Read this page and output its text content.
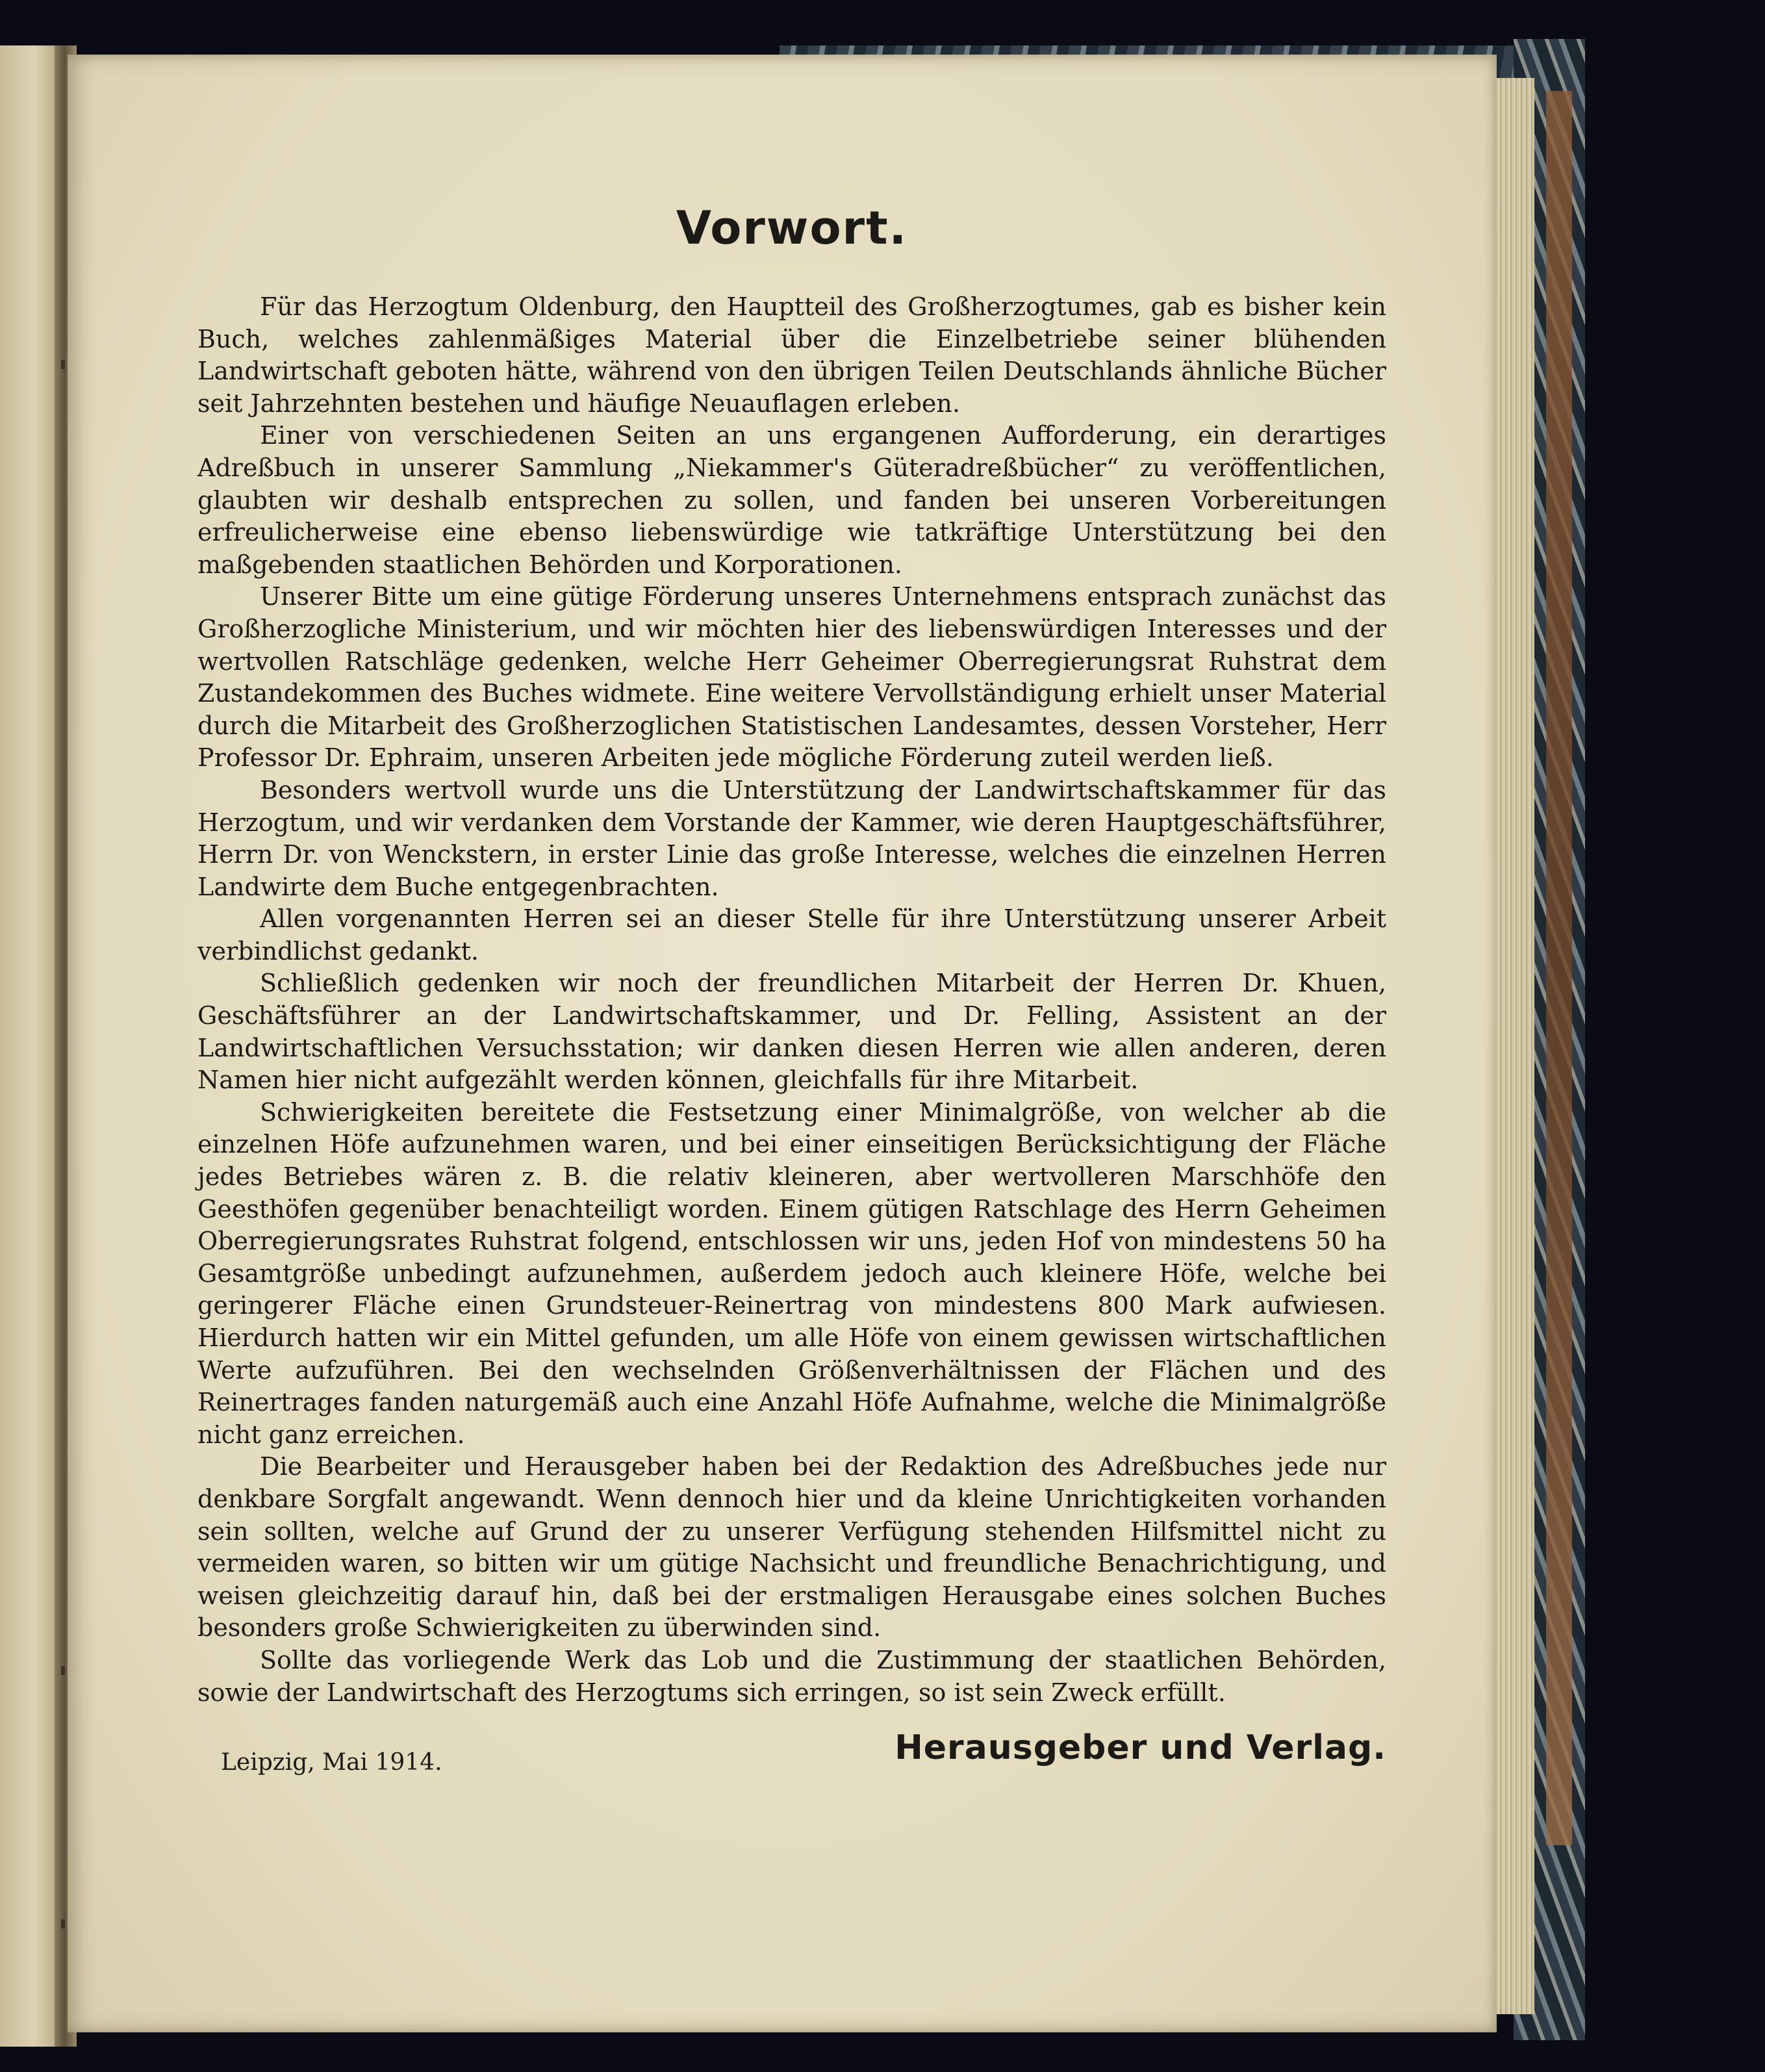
Vorwort.

Für das Herzogtum Oldenburg, den Hauptteil des Großherzogtumes, gab es bisher kein Buch, welches zahlenmäßiges Material über die Einzelbetriebe seiner blühenden Landwirtschaft geboten hätte, während von den übrigen Teilen Deutschlands ähnliche Bücher seit Jahrzehnten bestehen und häufige Neuauflagen erleben.

Einer von verschiedenen Seiten an uns ergangenen Aufforderung, ein derartiges Adreßbuch in unserer Sammlung „Niekammer's Güteradreßbücher“ zu veröffentlichen, glaubten wir deshalb entsprechen zu sollen, und fanden bei unseren Vorbereitungen erfreulicherweise eine ebenso liebenswürdige wie tatkräftige Unterstützung bei den maßgebenden staatlichen Behörden und Korporationen.

Unserer Bitte um eine gütige Förderung unseres Unternehmens entsprach zunächst das Großherzogliche Ministerium, und wir möchten hier des liebenswürdigen Interesses und der wertvollen Ratschläge gedenken, welche Herr Geheimer Oberregierungsrat Ruhstrat dem Zustandekommen des Buches widmete. Eine weitere Vervollständigung erhielt unser Material durch die Mitarbeit des Großherzoglichen Statistischen Landesamtes, dessen Vorsteher, Herr Professor Dr. Ephraim, unseren Arbeiten jede mögliche Förderung zuteil werden ließ.

Besonders wertvoll wurde uns die Unterstützung der Landwirtschaftskammer für das Herzogtum, und wir verdanken dem Vorstande der Kammer, wie deren Hauptgeschäftsführer, Herrn Dr. von Wenckstern, in erster Linie das große Interesse, welches die einzelnen Herren Landwirte dem Buche entgegenbrachten.

Allen vorgenannten Herren sei an dieser Stelle für ihre Unterstützung unserer Arbeit verbindlichst gedankt.

Schließlich gedenken wir noch der freundlichen Mitarbeit der Herren Dr. Khuen, Geschäftsführer an der Landwirtschaftskammer, und Dr. Felling, Assistent an der Landwirtschaftlichen Versuchsstation; wir danken diesen Herren wie allen anderen, deren Namen hier nicht aufgezählt werden können, gleichfalls für ihre Mitarbeit.

Schwierigkeiten bereitete die Festsetzung einer Minimalgröße, von welcher ab die einzelnen Höfe aufzunehmen waren, und bei einer einseitigen Berücksichtigung der Fläche jedes Betriebes wären z. B. die relativ kleineren, aber wertvolleren Marschhöfe den Geesthöfen gegenüber benachteiligt worden. Einem gütigen Ratschlage des Herrn Geheimen Oberregierungsrates Ruhstrat folgend, entschlossen wir uns, jeden Hof von mindestens 50 ha Gesamtgröße unbedingt aufzunehmen, außerdem jedoch auch kleinere Höfe, welche bei geringerer Fläche einen Grundsteuer-Reinertrag von mindestens 800 Mark aufwiesen. Hierdurch hatten wir ein Mittel gefunden, um alle Höfe von einem gewissen wirtschaftlichen Werte aufzuführen. Bei den wechselnden Größenverhältnissen der Flächen und des Reinertrages fanden naturgemäß auch eine Anzahl Höfe Aufnahme, welche die Minimalgröße nicht ganz erreichen.

Die Bearbeiter und Herausgeber haben bei der Redaktion des Adreßbuches jede nur denkbare Sorgfalt angewandt. Wenn dennoch hier und da kleine Unrichtigkeiten vorhanden sein sollten, welche auf Grund der zu unserer Verfügung stehenden Hilfsmittel nicht zu vermeiden waren, so bitten wir um gütige Nachsicht und freundliche Benachrichtigung, und weisen gleichzeitig darauf hin, daß bei der erstmaligen Herausgabe eines solchen Buches besonders große Schwierigkeiten zu überwinden sind.

Sollte das vorliegende Werk das Lob und die Zustimmung der staatlichen Behörden, sowie der Landwirtschaft des Herzogtums sich erringen, so ist sein Zweck erfüllt.

Leipzig, Mai 1914.	Herausgeber und Verlag.
